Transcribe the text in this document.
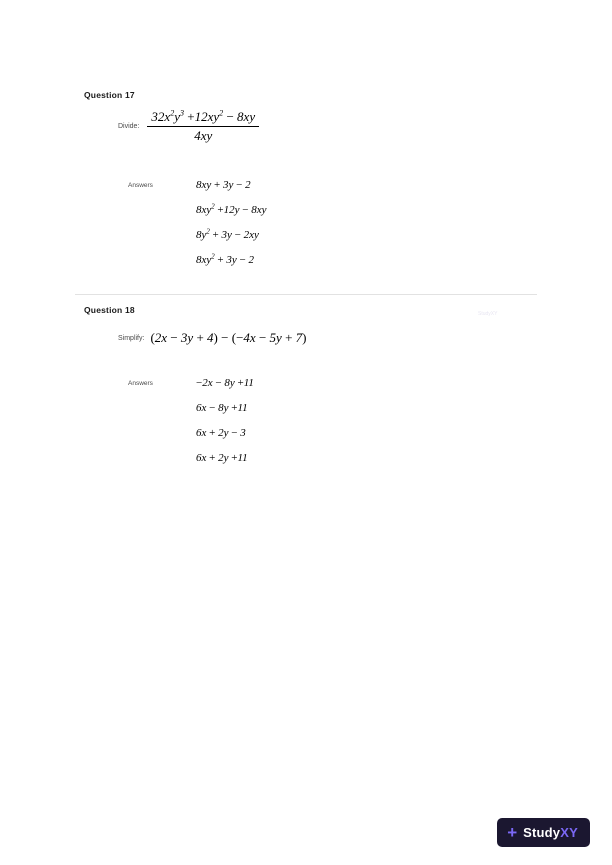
Question 17
Divide: $\frac{32x^2y^3 +12xy^2 - 8xy}{4xy}$
Answers	8xy + 3y − 2
$8xy^2 +12y - 8xy$
$8y^2 + 3y - 2xy$
$8xy^2 + 3y - 2$
Question 18	StudyXY
Simplify: (2x − 3y + 4) − (−4x − 5y + 7)
Answers	−2x − 8y +11
6x − 8y +11
6x + 2y − 3
6x + 2y +11
+ StudyXY
